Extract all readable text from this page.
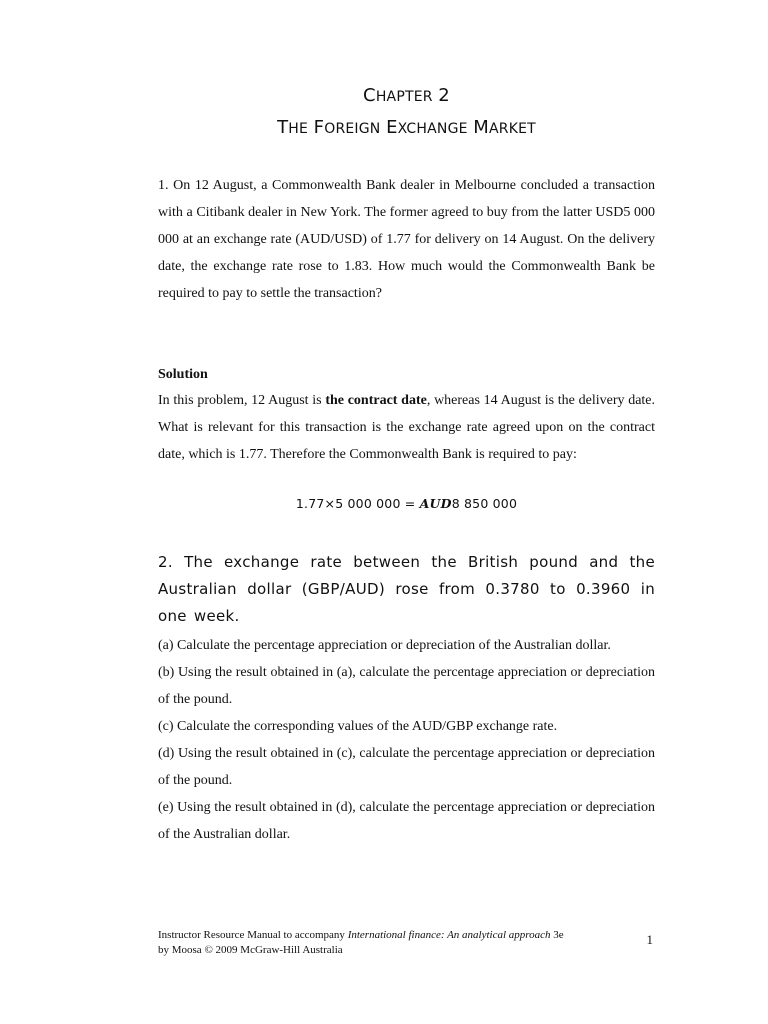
CHAPTER 2
THE FOREIGN EXCHANGE MARKET
1. On 12 August, a Commonwealth Bank dealer in Melbourne concluded a transaction with a Citibank dealer in New York. The former agreed to buy from the latter USD5 000 000 at an exchange rate (AUD/USD) of 1.77 for delivery on 14 August. On the delivery date, the exchange rate rose to 1.83. How much would the Commonwealth Bank be required to pay to settle the transaction?
Solution
In this problem, 12 August is the contract date, whereas 14 August is the delivery date. What is relevant for this transaction is the exchange rate agreed upon on the contract date, which is 1.77. Therefore the Commonwealth Bank is required to pay:
1.77×5 000 000 = AUD8 850 000
2. The exchange rate between the British pound and the Australian dollar (GBP/AUD) rose from 0.3780 to 0.3960 in one week.
(a) Calculate the percentage appreciation or depreciation of the Australian dollar.
(b) Using the result obtained in (a), calculate the percentage appreciation or depreciation of the pound.
(c) Calculate the corresponding values of the AUD/GBP exchange rate.
(d) Using the result obtained in (c), calculate the percentage appreciation or depreciation of the pound.
(e) Using the result obtained in (d), calculate the percentage appreciation or depreciation of the Australian dollar.
Instructor Resource Manual to accompany International finance: An analytical approach 3e
by Moosa © 2009 McGraw-Hill Australia
1
